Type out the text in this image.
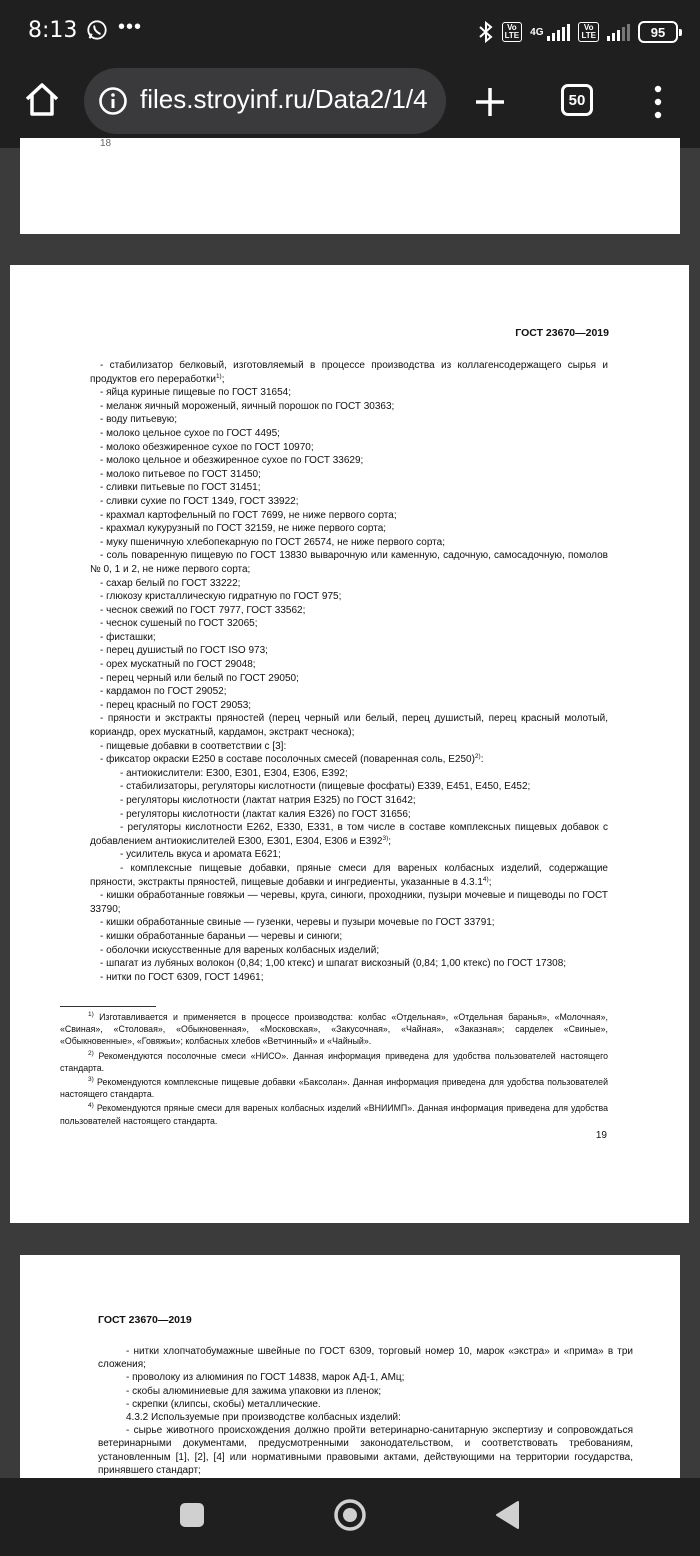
8:13 •••	Vo
LTE	4G	Vo
LTE	95
files.stroyinf.ru/Data2/1/4	50
18
ГОСТ 23670—2019
- стабилизатор белковый, изготовляемый в процессе производства из коллагенсодержащего сырья и продуктов его переработки$^{1)}$;
- яйца куриные пищевые по ГОСТ 31654;
- меланж яичный мороженый, яичный порошок по ГОСТ 30363;
- воду питьевую;
- молоко цельное сухое по ГОСТ 4495;
- молоко обезжиренное сухое по ГОСТ 10970;
- молоко цельное и обезжиренное сухое по ГОСТ 33629;
- молоко питьевое по ГОСТ 31450;
- сливки питьевые по ГОСТ 31451;
- сливки сухие по ГОСТ 1349, ГОСТ 33922;
- крахмал картофельный по ГОСТ 7699, не ниже первого сорта;
- крахмал кукурузный по ГОСТ 32159, не ниже первого сорта;
- муку пшеничную хлебопекарную по ГОСТ 26574, не ниже первого сорта;
- соль поваренную пищевую по ГОСТ 13830 выварочную или каменную, садочную, самосадочную, помолов № 0, 1 и 2, не ниже первого сорта;
- сахар белый по ГОСТ 33222;
- глюкозу кристаллическую гидратную по ГОСТ 975;
- чеснок свежий по ГОСТ 7977, ГОСТ 33562;
- чеснок сушеный по ГОСТ 32065;
- фисташки;
- перец душистый по ГОСТ ISO 973;
- орех мускатный по ГОСТ 29048;
- перец черный или белый по ГОСТ 29050;
- кардамон по ГОСТ 29052;
- перец красный по ГОСТ 29053;
- пряности и экстракты пряностей (перец черный или белый, перец душистый, перец красный молотый, кориандр, орех мускатный, кардамон, экстракт чеснока);
- пищевые добавки в соответствии с [3]:
- фиксатор окраски Е250 в составе посолочных смесей (поваренная соль, Е250)$^{2)}$:
- антиокислители: Е300, Е301, Е304, Е306, Е392;
- стабилизаторы, регуляторы кислотности (пищевые фосфаты) Е339, Е451, Е450, Е452;
- регуляторы кислотности (лактат натрия Е325) по ГОСТ 31642;
- регуляторы кислотности (лактат калия Е326) по ГОСТ 31656;
- регуляторы кислотности Е262, Е330, Е331, в том числе в составе комплексных пищевых добавок с добавлением антиокислителей Е300, Е301, Е304, Е306 и Е392$^{3)}$;
- усилитель вкуса и аромата Е621;
- комплексные пищевые добавки, пряные смеси для вареных колбасных изделий, содержащие пряности, экстракты пряностей, пищевые добавки и ингредиенты, указанные в 4.3.1$^{4)}$;
- кишки обработанные говяжьи — черевы, круга, синюги, проходники, пузыри мочевые и пищеводы по ГОСТ 33790;
- кишки обработанные свиные — гузенки, черевы и пузыри мочевые по ГОСТ 33791;
- кишки обработанные бараньи — черевы и синюги;
- оболочки искусственные для вареных колбасных изделий;
- шпагат из лубяных волокон (0,84; 1,00 ктекс) и шпагат вискозный (0,84; 1,00 ктекс) по ГОСТ 17308;
- нитки по ГОСТ 6309, ГОСТ 14961;
$^{1)}$ Изготавливается и применяется в процессе производства: колбас «Отдельная», «Отдельная баранья», «Молочная», «Свиная», «Столовая», «Обыкновенная», «Московская», «Закусочная», «Чайная», «Заказная»; сарделек «Свиные», «Обыкновенные», «Говяжьи»; колбасных хлебов «Ветчинный» и «Чайный».
$^{2)}$ Рекомендуются посолочные смеси «НИСО». Данная информация приведена для удобства пользователей настоящего стандарта.
$^{3)}$ Рекомендуются комплексные пищевые добавки «Баксолан». Данная информация приведена для удобства пользователей настоящего стандарта.
$^{4)}$ Рекомендуются пряные смеси для вареных колбасных изделий «ВНИИМП». Данная информация приведена для удобства пользователей настоящего стандарта.
19
ГОСТ 23670—2019
- нитки хлопчатобумажные швейные по ГОСТ 6309, торговый номер 10, марок «экстра» и «прима» в три сложения;
- проволоку из алюминия по ГОСТ 14838, марок АД-1, АМц;
- скобы алюминиевые для зажима упаковки из пленок;
- скрепки (клипсы, скобы) металлические.
4.3.2 Используемые при производстве колбасных изделий:
- сырье животного происхождения должно пройти ветеринарно-санитарную экспертизу и сопровождаться ветеринарными документами, предусмотренными законодательством, и соответствовать требованиям, установленным [1], [2], [4] или нормативными правовыми актами, действующими на территории государства, принявшего стандарт;
